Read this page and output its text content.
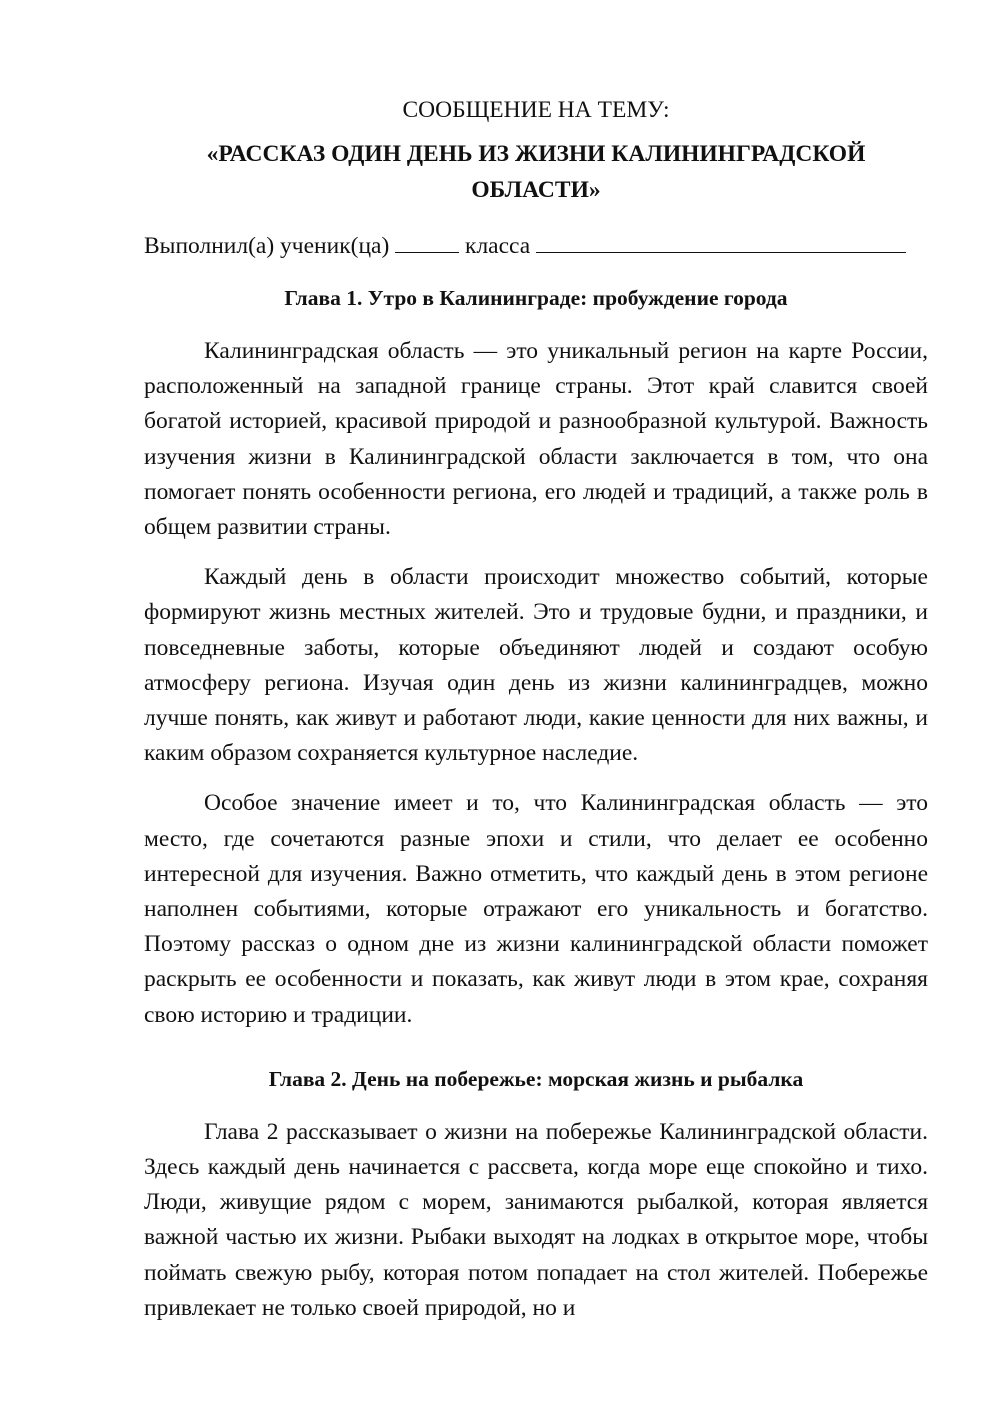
СООБЩЕНИЕ НА ТЕМУ:

«РАССКАЗ ОДИН ДЕНЬ ИЗ ЖИЗНИ КАЛИНИНГРАДСКОЙ
ОБЛАСТИ»

Выполнил(а) ученик(ца)	класса

Глава 1. Утро в Калининграде: пробуждение города

Калининградская область — это уникальный регион на карте России, расположенный на западной границе страны. Этот край славится своей богатой историей, красивой природой и разнообразной культурой. Важность изучения жизни в Калининградской области заключается в том, что она помогает понять особенности региона, его людей и традиций, а также роль в общем развитии страны.

Каждый день в области происходит множество событий, которые формируют жизнь местных жителей. Это и трудовые будни, и праздники, и повседневные заботы, которые объединяют людей и создают особую атмосферу региона. Изучая один день из жизни калининградцев, можно лучше понять, как живут и работают люди, какие ценности для них важны, и каким образом сохраняется культурное наследие.

Особое значение имеет и то, что Калининградская область — это место, где сочетаются разные эпохи и стили, что делает ее особенно интересной для изучения. Важно отметить, что каждый день в этом регионе наполнен событиями, которые отражают его уникальность и богатство. Поэтому рассказ о одном дне из жизни калининградской области поможет раскрыть ее особенности и показать, как живут люди в этом крае, сохраняя свою историю и традиции.

Глава 2. День на побережье: морская жизнь и рыбалка

Глава 2 рассказывает о жизни на побережье Калининградской области. Здесь каждый день начинается с рассвета, когда море еще спокойно и тихо. Люди, живущие рядом с морем, занимаются рыбалкой, которая является важной частью их жизни. Рыбаки выходят на лодках в открытое море, чтобы поймать свежую рыбу, которая потом попадает на стол жителей. Побережье привлекает не только своей природой, но и
